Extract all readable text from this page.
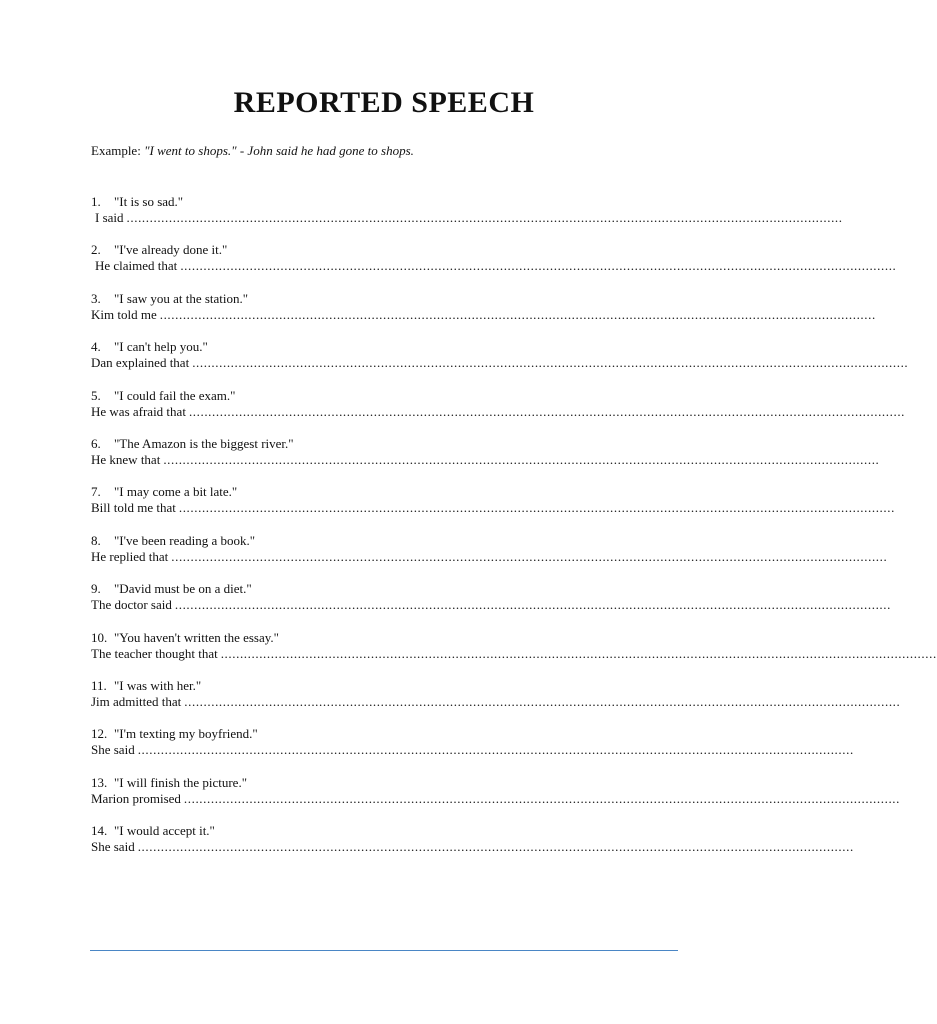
REPORTED SPEECH
Example: "I went to shops." - John said he had gone to shops.
1. "It is so sad."
I said ..........................................................................................................................................................................................
2. "I've already done it."
He claimed that ..........................................................................................................................................................................................
3. "I saw you at the station."
Kim told me ..........................................................................................................................................................................................
4. "I can't help you."
Dan explained that ..........................................................................................................................................................................................
5. "I could fail the exam."
He was afraid that ..........................................................................................................................................................................................
6. "The Amazon is the biggest river."
He knew that ..........................................................................................................................................................................................
7. "I may come a bit late."
Bill told me that ..........................................................................................................................................................................................
8. "I've been reading a book."
He replied that ..........................................................................................................................................................................................
9. "David must be on a diet."
The doctor said ..........................................................................................................................................................................................
10. "You haven't written the essay."
The teacher thought that ..........................................................................................................................................................................................
11. "I was with her."
Jim admitted that ..........................................................................................................................................................................................
12. "I'm texting my boyfriend."
She said ..........................................................................................................................................................................................
13. "I will finish the picture."
Marion promised ..........................................................................................................................................................................................
14. "I would accept it."
She said ..........................................................................................................................................................................................
